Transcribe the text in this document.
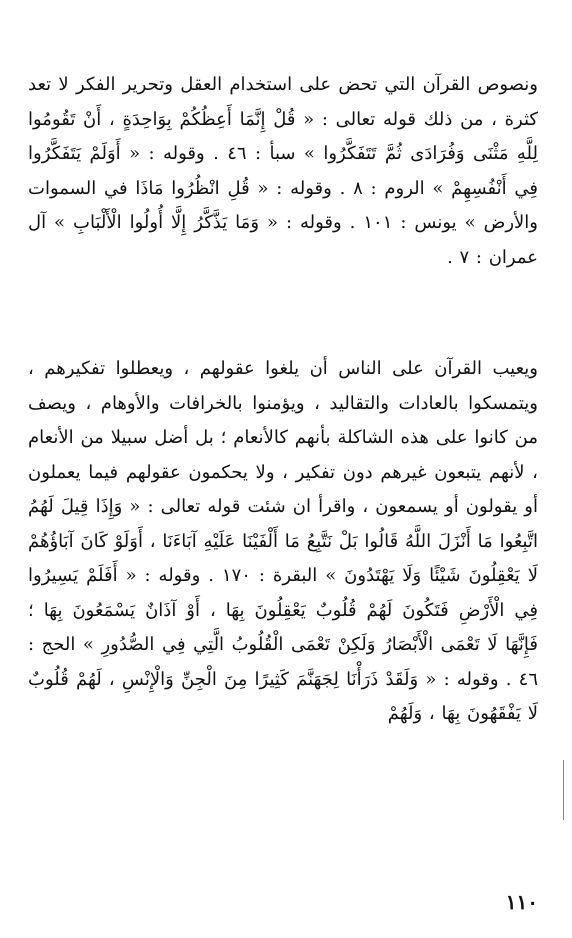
ونصوص القرآن التي تحض على استخدام العقل وتحرير الفكر لا تعد كثرة ، من ذلك قوله تعالى : « قُلْ إِنَّمَا أَعِظُكُمْ بِوَاحِدَةٍ ، أَنْ تَقُومُوا لِلَّهِ مَثْنَى وَفُرَادَى ثُمَّ تَتَفَكَّرُوا » سبأ : ٤٦ . وقوله : « أَوَلَمْ يَتَفَكَّرُوا فِي أَنْفُسِهِمْ » الروم : ٨ . وقوله : « قُلِ انْظُرُوا مَاذَا في السموات والأرض » يونس : ١٠١ . وقوله : « وَمَا يَذَّكَّرُ إِلَّا أُولُوا الْأَلْبَابِ » آل عمران : ٧ .

ويعيب القرآن على الناس أن يلغوا عقولهم ، ويعطلوا تفكيرهم ، ويتمسكوا بالعادات والتقاليد ، ويؤمنوا بالخرافات والأوهام ، ويصف من كانوا على هذه الشاكلة بأنهم كالأنعام ؛ بل أضل سبيلا من الأنعام ، لأنهم يتبعون غيرهم دون تفكير ، ولا يحكمون عقولهم فيما يعملون أو يقولون أو يسمعون ، واقرأ ان شئت قوله تعالى : « وَإِذَا قِيلَ لَهُمُ اتَّبِعُوا مَا أَنْزَلَ اللَّهُ قَالُوا بَلْ نَتَّبِعُ مَا أَلْفَيْنَا عَلَيْهِ آبَاءَنَا ، أَوَلَوْ كَانَ آبَاؤُهُمْ لَا يَعْقِلُونَ شَيْئًا وَلَا يَهْتَدُونَ » البقرة : ١٧٠ . وقوله : « أَفَلَمْ يَسِيرُوا فِي الْأَرْضِ فَتَكُونَ لَهُمْ قُلُوبٌ يَعْقِلُونَ بِهَا ، أَوْ آذَانٌ يَسْمَعُونَ بِهَا ؛ فَإِنَّهَا لَا تَعْمَى الْأَبْصَارُ وَلَكِنْ تَعْمَى الْقُلُوبُ الَّتِي فِي الصُّدُورِ » الحج : ٤٦ . وقوله : « وَلَقَدْ ذَرَأْنَا لِجَهَنَّمَ كَثِيرًا مِنَ الْجِنِّ وَالْإِنْسِ ، لَهُمْ قُلُوبٌ لَا يَفْقَهُونَ بِهَا ، وَلَهُمْ

١١٠
